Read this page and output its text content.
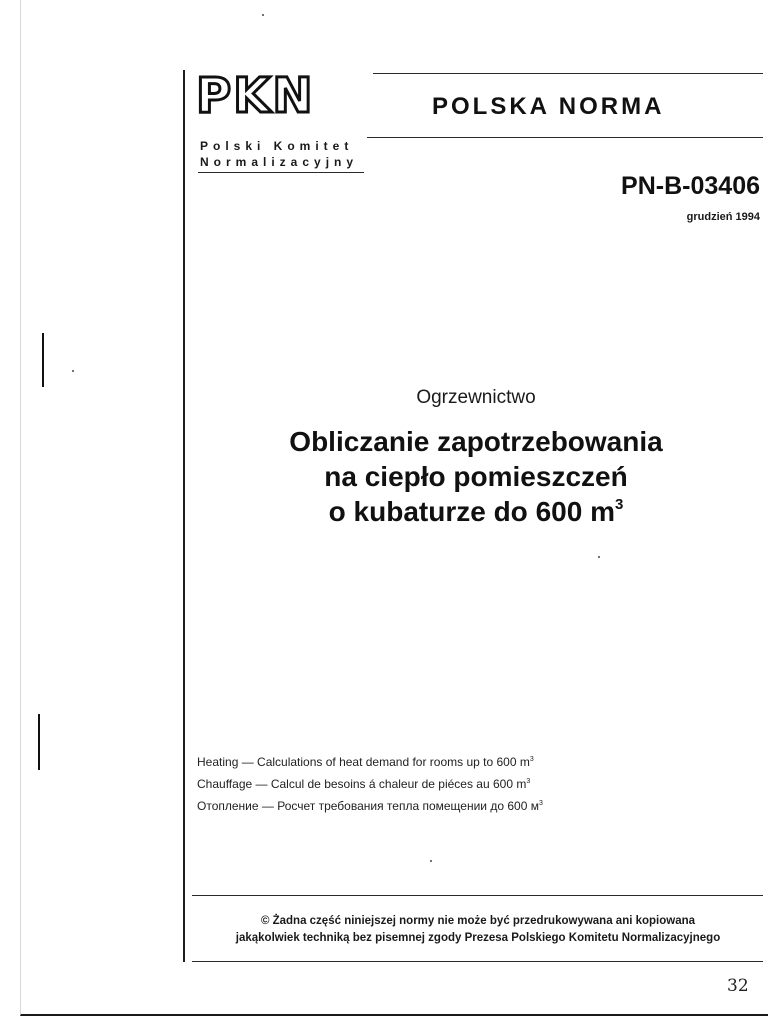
PKN
Polski Komitet
Normalizacyjny
POLSKA NORMA
PN-B-03406
grudzień 1994
Ogrzewnictwo
Obliczanie zapotrzebowania
na ciepło pomieszczeń
o kubaturze do 600 $m^3$
Heating — Calculations of heat demand for rooms up to 600 $m^3$
Chauffage — Calcul de besoins á chaleur de piéces au 600 $m^3$
Отопление — Росчет требования тепла помещении до 600 $м^3$
© Żadna część niniejszej normy nie może być przedrukowywana ani kopiowana
jakąkolwiek techniką bez pisemnej zgody Prezesa Polskiego Komitetu Normalizacyjnego
32
